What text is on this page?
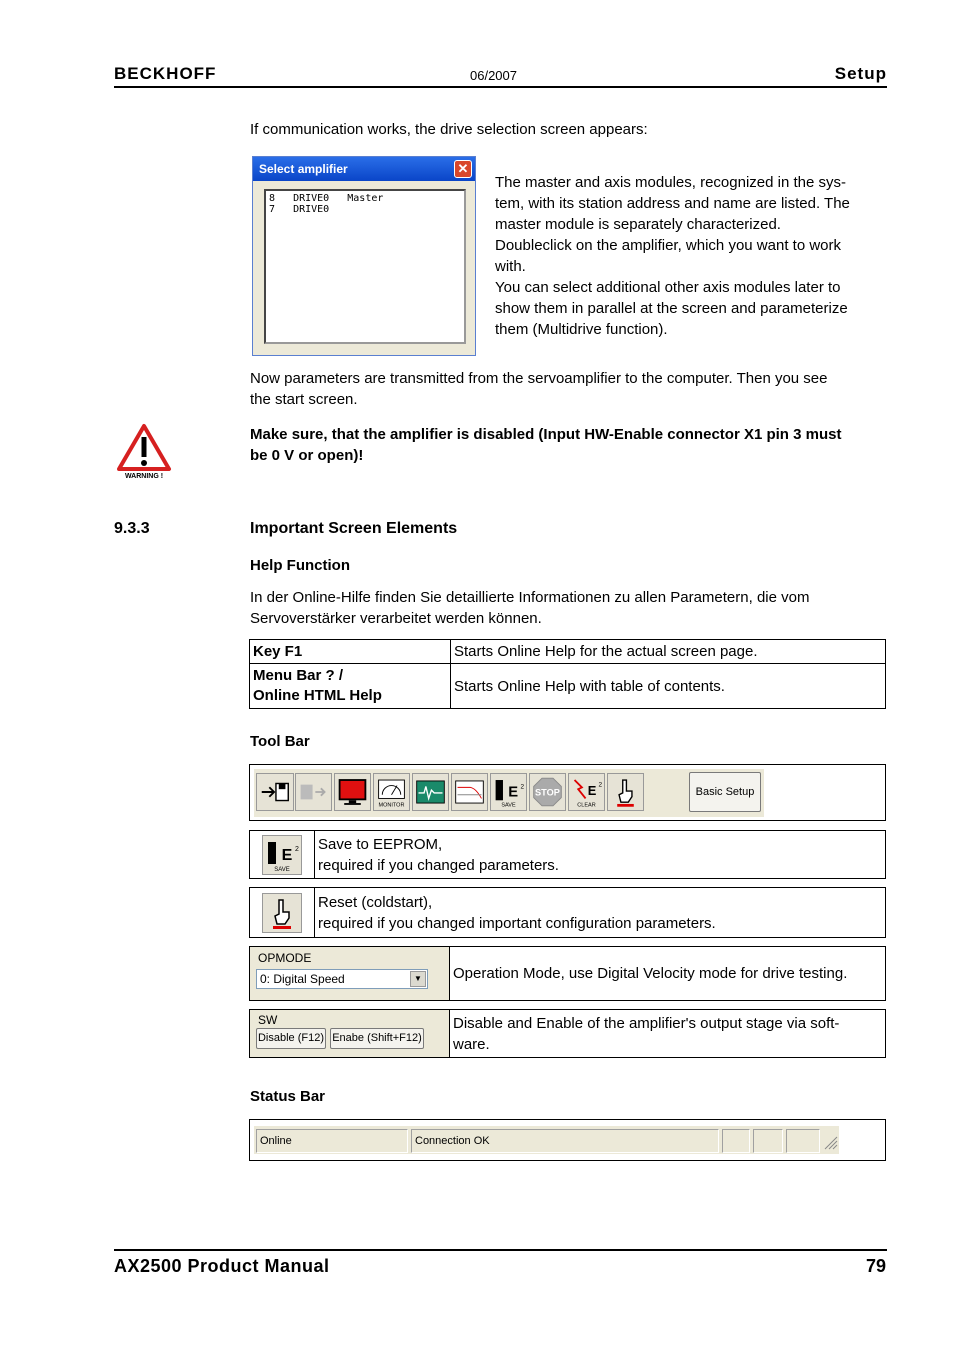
BECKHOFF	06/2007	Setup
If communication works, the drive selection screen appears:
Select amplifier	✕
8   DRIVE0   Master
7   DRIVE0
The master and axis modules, recognized in the sys-
tem, with its station address and name are listed. The
master module is separately characterized.
Doubleclick on the amplifier, which you want to work
with.
You can select additional other axis modules later to
show them in parallel at the screen and parameterize
them (Multidrive function).
Now parameters are transmitted from the servoamplifier to the computer. Then you see
the start screen.
WARNING !
Make sure, that the amplifier is disabled (Input HW-Enable connector X1 pin 3 must
be 0 V or open)!
9.3.3	Important Screen Elements
Help Function
In der Online-Hilfe finden Sie detaillierte Informationen zu allen Parametern, die vom
Servoverstärker verarbeitet werden können.
Key F1	Starts Online Help for the actual screen page.

Menu Bar ? /
Online HTML Help	Starts Online Help with table of contents.
Tool Bar
MONITOR
E 2
SAVE
STOP E 2
CLEAR
Basic Setup
E 2
SAVE

Save to EEPROM,
required if you changed parameters.

Reset (coldstart),
required if you changed important configuration parameters.
OPMODE
0: Digital Speed	▼	Operation Mode, use Digital Velocity mode for drive testing.
SW
Disable (F12) Enabe (Shift+F12)

Disable and Enable of the amplifier's output stage via soft-
ware.
Status Bar
Online	Connection OK
AX2500 Product Manual	79
